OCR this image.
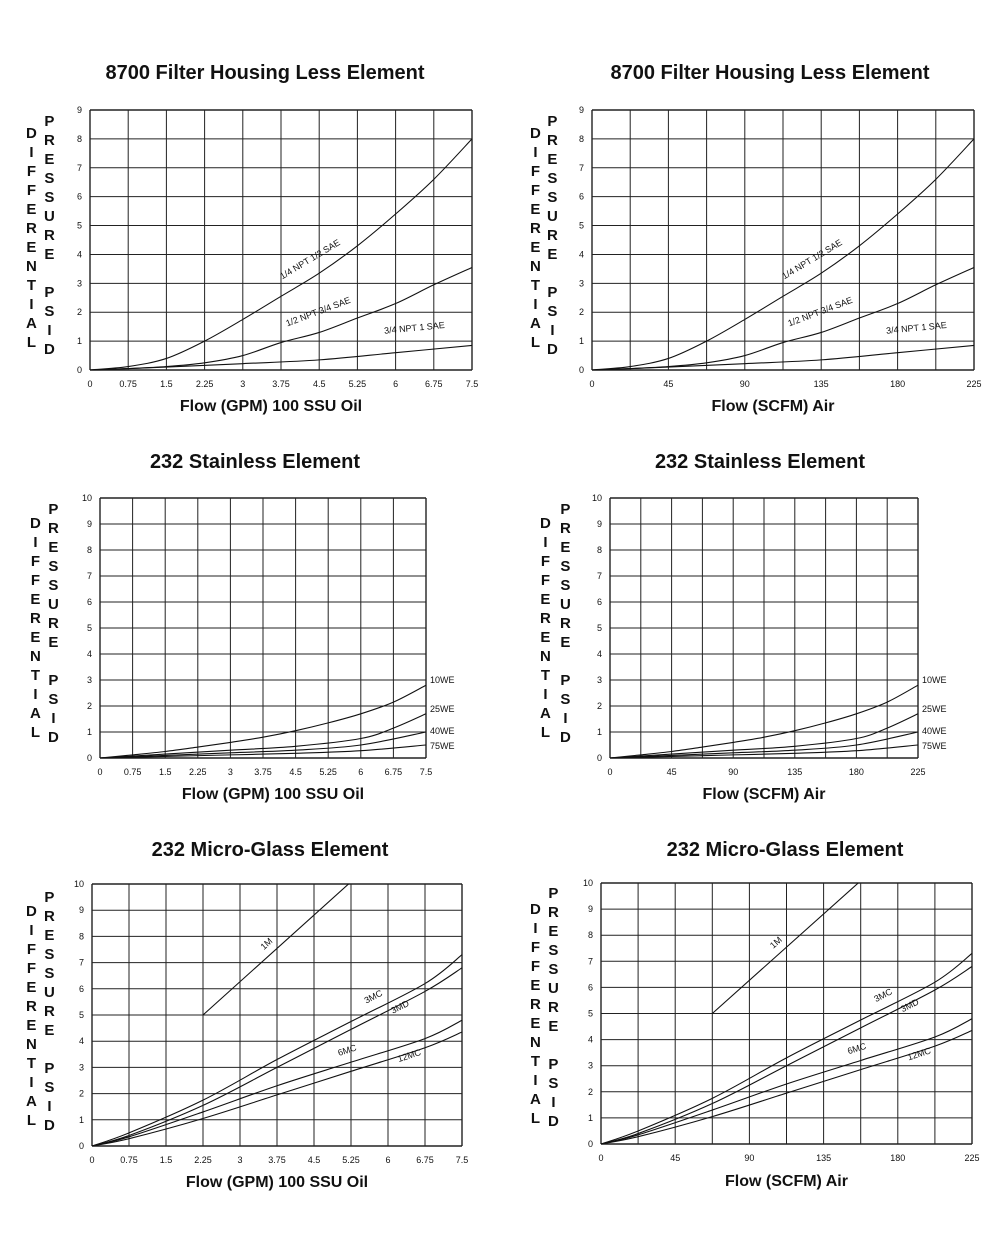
8700 Filter Housing Less Element
D
I
F
F
E
R
E
N
T
I
A
L
P
R
E
S
S
U
R
E

P
S
I
D
0
1
2
3
4
5
6
7
8
9
0	0.75	1.5	2.25	3	3.75	4.5	5.25	6	6.75	7.5
1/4 NPT 1/2 SAE
1/2 NPT 3/4 SAE	3/4 NPT 1 SAE
Flow (GPM) 100 SSU Oil
8700 Filter Housing Less Element
D
I
F
F
E
R
E
N
T
I
A
L
P
R
E
S
S
U
R
E

P
S
I
D
0
1
2
3
4
5
6
7
8
9
0	45	90	135	180	225
1/4 NPT 1/2 SAE
1/2 NPT 3/4 SAE	3/4 NPT 1 SAE
Flow (SCFM) Air
232 Stainless Element
D
I
F
F
E
R
E
N
T
I
A
L
P
R
E
S
S
U
R
E

P
S
I
D
0
1
2
3
4
5
6
7
8
9
10
0 0.75 1.5 2.25 3 3.75 4.5 5.25 6 6.75 7.5
10WE
25WE
40WE
75WE
Flow (GPM) 100 SSU Oil
232 Stainless Element
D
I
F
F
E
R
E
N
T
I
A
L
P
R
E
S
S
U
R
E

P
S
I
D
0
1
2
3
4
5
6
7
8
9
10
0	45	90	135	180	225
10WE
25WE
40WE
75WE
Flow (SCFM) Air
232 Micro-Glass Element
D
I
F
F
E
R
E
N
T
I
A
L
P
R
E
S
S
U
R
E

P
S
I
D
0
1
2
3
4
5
6
7
8
9
10
0	0.75 1.5 2.25	3	3.75 4.5 5.25	6	6.75 7.5
1M
3MC
3MD
6MC	12MC
Flow (GPM) 100 SSU Oil
232 Micro-Glass Element
D
I
F
F
E
R
E
N
T
I
A
L
P
R
E
S
S
U
R
E

P
S
I
D
0
1
2
3
4
5
6
7
8
9
10
0	45	90	135	180	225
1M
3MC
3MD
6MC	12MC
Flow (SCFM) Air
